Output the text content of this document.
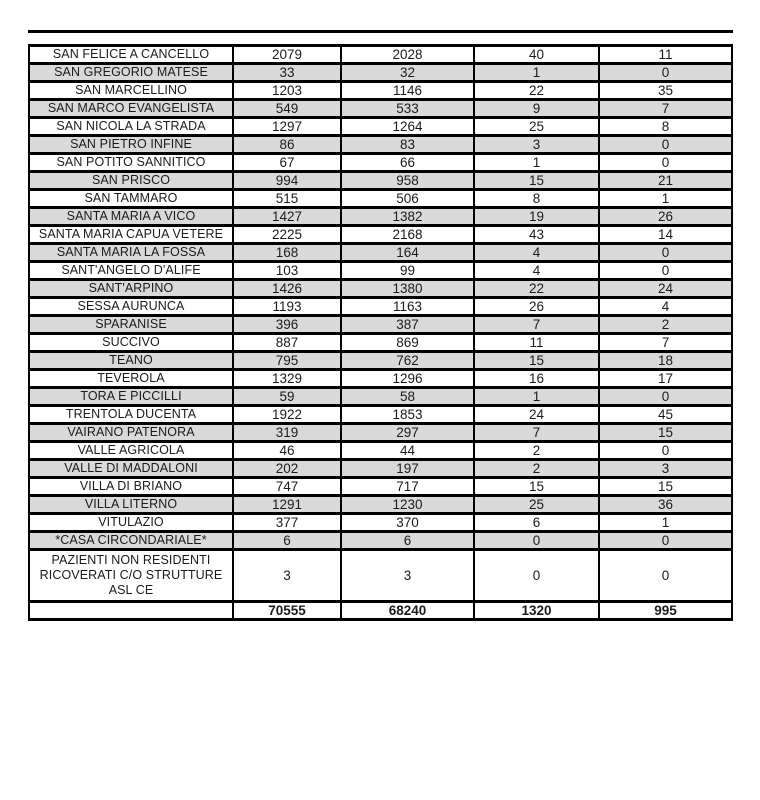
SAN FELICE A CANCELLO	2079	2028	40	11
SAN GREGORIO MATESE	33	32	1	0
SAN MARCELLINO	1203	1146	22	35
SAN MARCO EVANGELISTA	549	533	9	7
SAN NICOLA LA STRADA	1297	1264	25	8
SAN PIETRO INFINE	86	83	3	0
SAN POTITO SANNITICO	67	66	1	0
SAN PRISCO	994	958	15	21
SAN TAMMARO	515	506	8	1
SANTA MARIA A VICO	1427	1382	19	26
SANTA MARIA CAPUA VETERE	2225	2168	43	14
SANTA MARIA LA FOSSA	168	164	4	0
SANT'ANGELO D'ALIFE	103	99	4	0
SANT'ARPINO	1426	1380	22	24
SESSA AURUNCA	1193	1163	26	4
SPARANISE	396	387	7	2
SUCCIVO	887	869	11	7
TEANO	795	762	15	18
TEVEROLA	1329	1296	16	17
TORA E PICCILLI	59	58	1	0
TRENTOLA DUCENTA	1922	1853	24	45
VAIRANO PATENORA	319	297	7	15
VALLE AGRICOLA	46	44	2	0
VALLE DI MADDALONI	202	197	2	3
VILLA DI BRIANO	747	717	15	15
VILLA LITERNO	1291	1230	25	36
VITULAZIO	377	370	6	1
*CASA CIRCONDARIALE*	6	6	0	0
PAZIENTI NON RESIDENTI RICOVERATI C/O STRUTTURE ASL CE	3	3	0	0
	70555	68240	1320	995
